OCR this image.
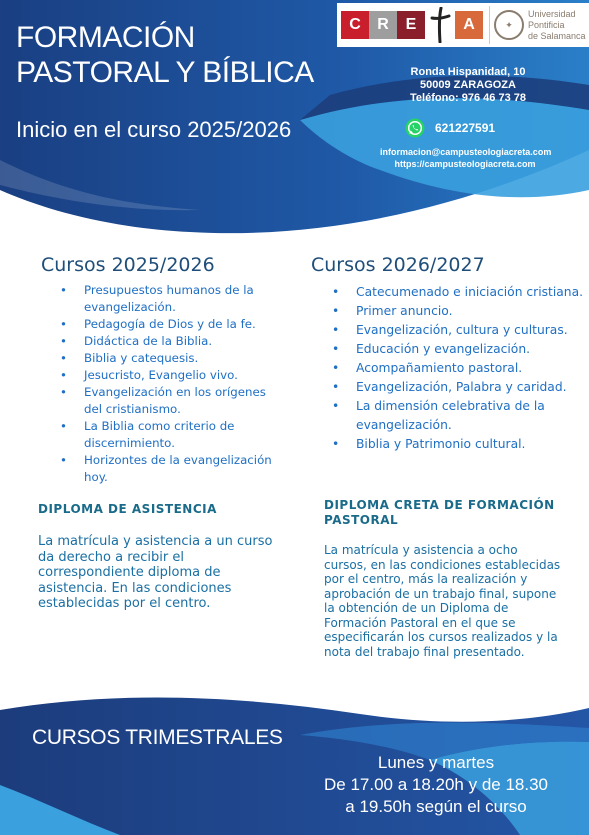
FORMACIÓN
PASTORAL Y BÍBLICA
Inicio en el curso 2025/2026
C	R	E	A	✦
Universidad
Pontificia
de Salamanca
Ronda Hispanidad, 10
50009 ZARAGOZA
Teléfono: 976 46 73 78
621227591
informacion@campusteologiacreta.com
https://campusteologiacreta.com
Cursos 2025/2026
• Presupuestos humanos de la evangelización.
• Pedagogía de Dios y de la fe.
• Didáctica de la Biblia.
• Biblia y catequesis.
• Jesucristo, Evangelio vivo.
• Evangelización en los orígenes del cristianismo.
• La Biblia como criterio de discernimiento.
• Horizontes de la evangelización hoy.
Cursos 2026/2027
• Catecumenado e iniciación cristiana.
• Primer anuncio.
• Evangelización, cultura y culturas.
• Educación y evangelización.
• Acompañamiento pastoral.
• Evangelización, Palabra y caridad.
• La dimensión celebrativa de la evangelización.
• Biblia y Patrimonio cultural.
DIPLOMA DE ASISTENCIA
La matrícula y asistencia a un curso da derecho a recibir el correspondiente diploma de asistencia. En las condiciones establecidas por el centro.
DIPLOMA CRETA DE FORMACIÓN PASTORAL
La matrícula y asistencia a ocho cursos, en las condiciones establecidas por el centro, más la realización y aprobación de un trabajo final, supone la obtención de un Diploma de Formación Pastoral en el que se especificarán los cursos realizados y la nota del trabajo final presentado.
CURSOS TRIMESTRALES
Lunes y martes
De 17.00 a 18.20h y de 18.30
a 19.50h según el curso
